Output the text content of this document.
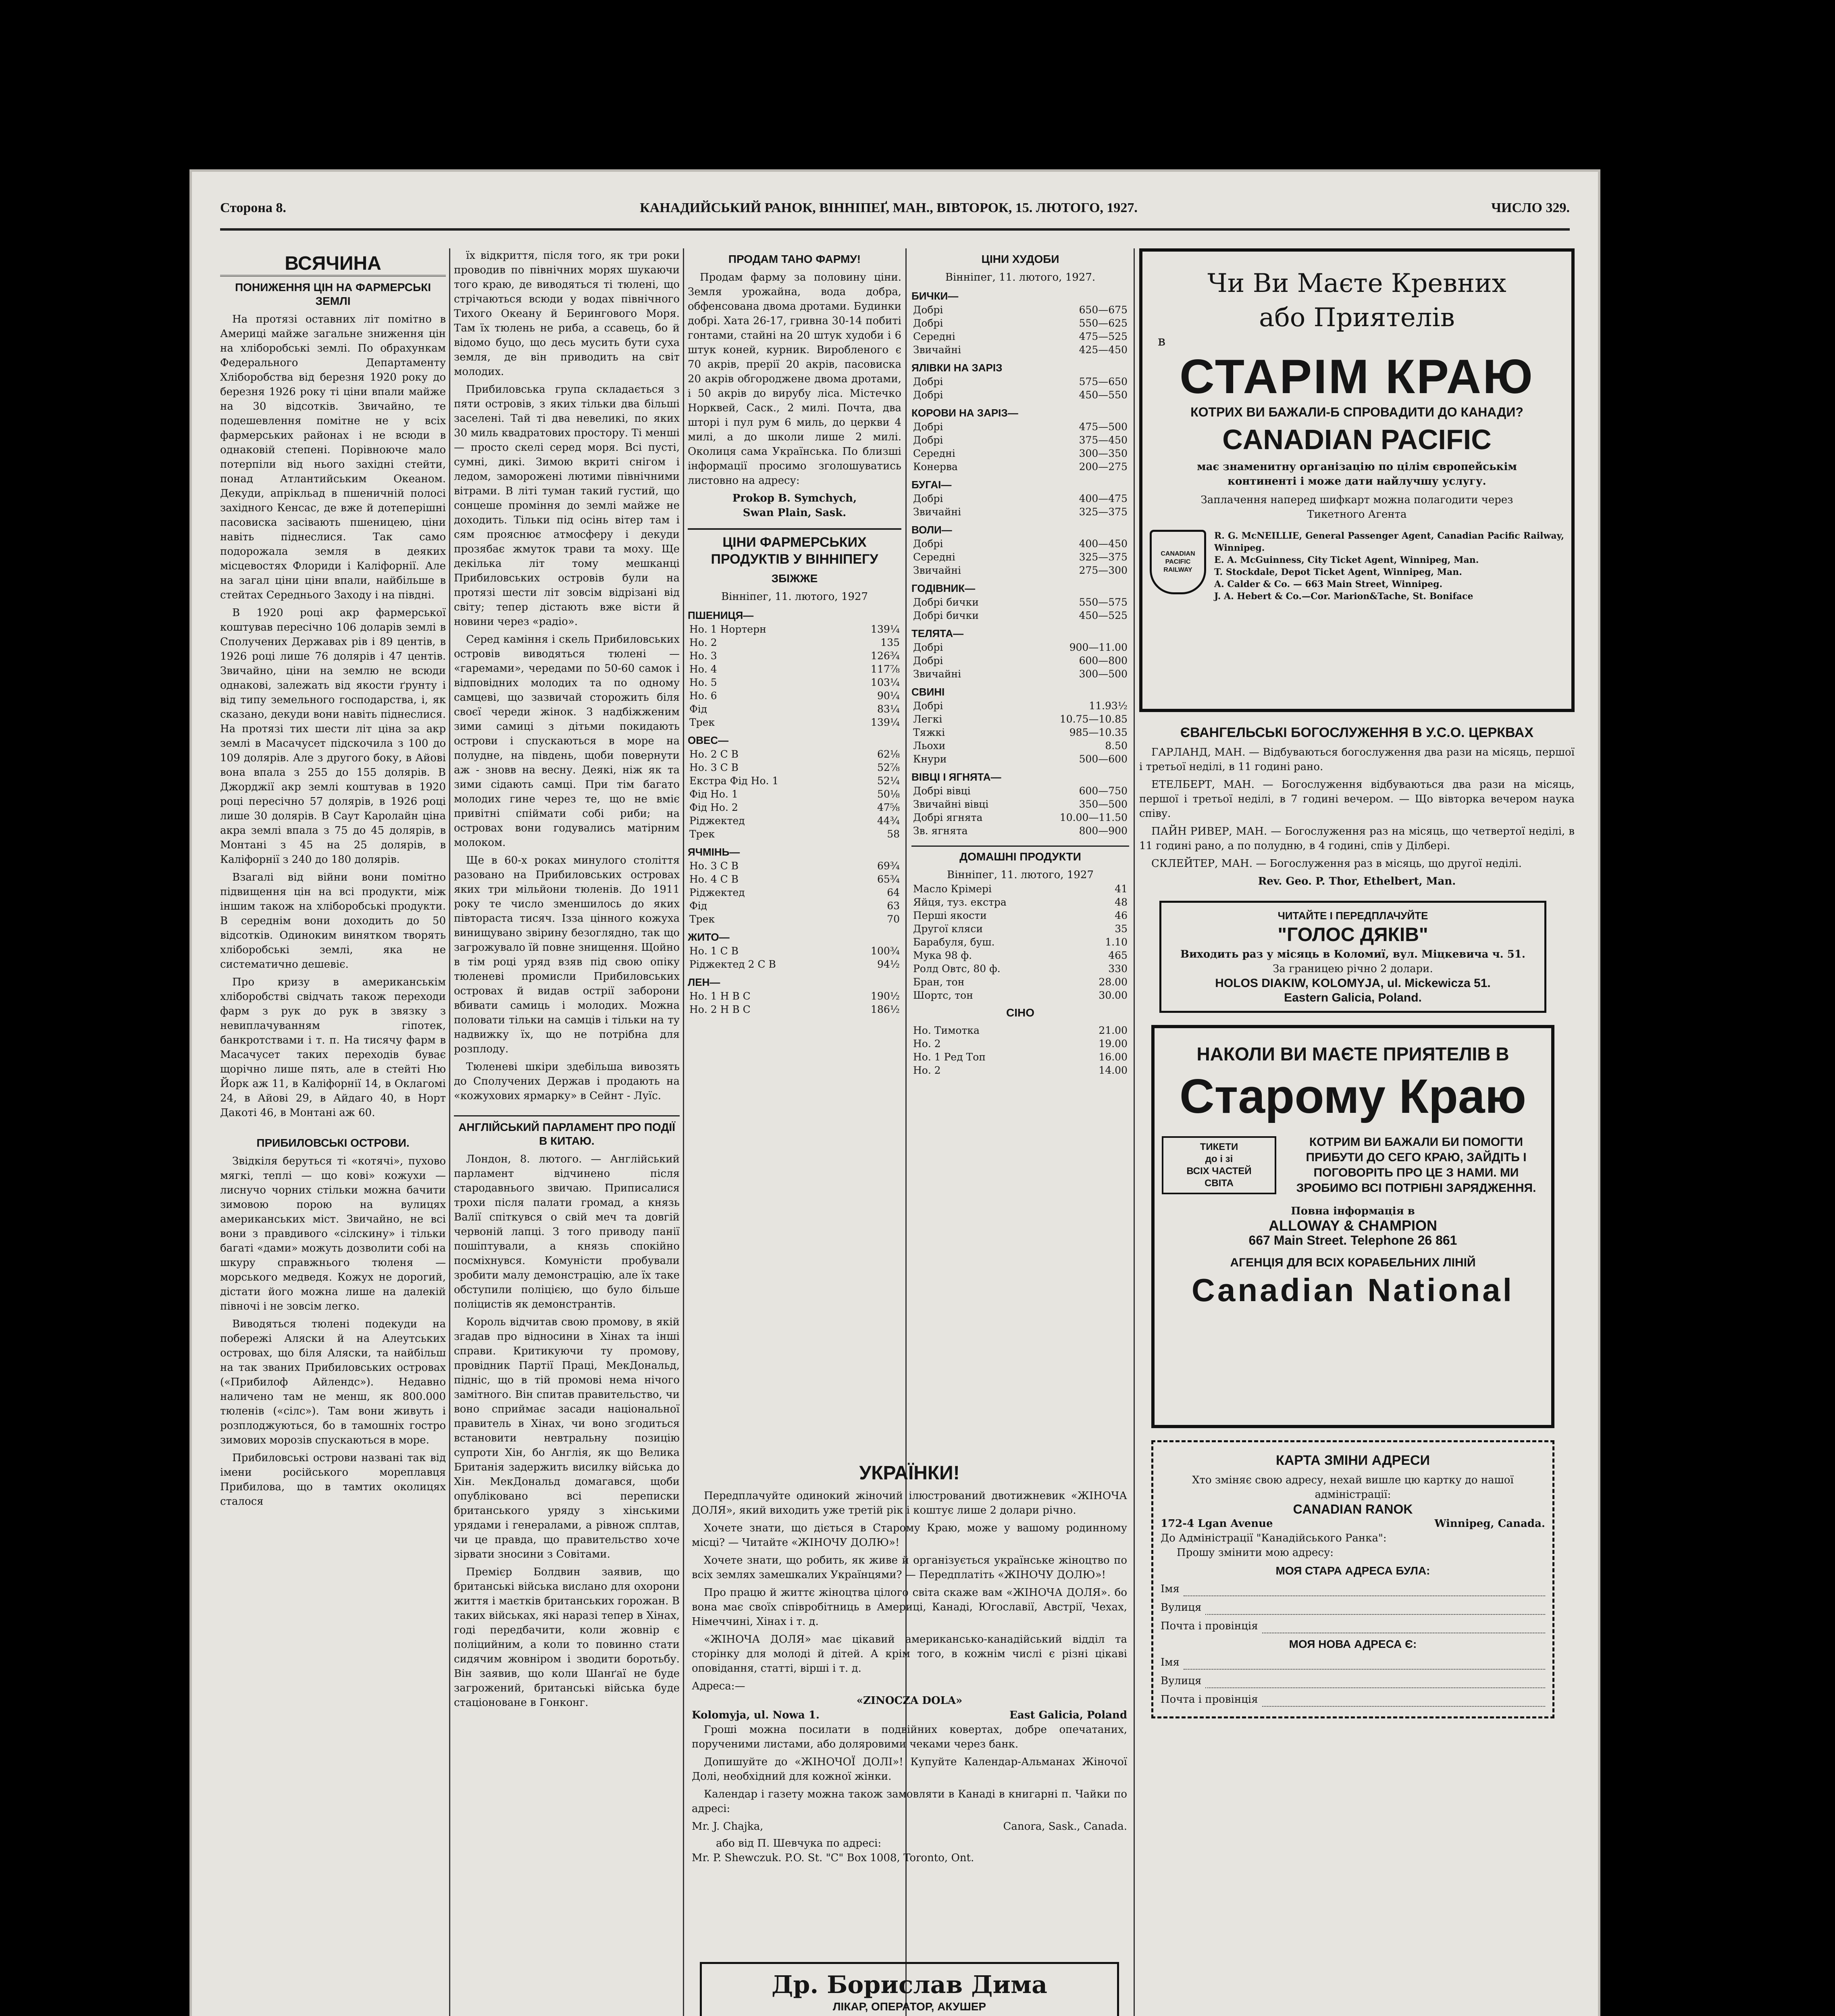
Сторона 8.	КАНАДИЙСЬКИЙ РАНОК, ВІННІПЕҐ, МАН., ВІВТОРОК, 15. ЛЮТОГО, 1927.	ЧИСЛО 329.
ВСЯЧИНА
ПОНИЖЕННЯ ЦІН НА ФАРМЕРСЬКІ ЗЕМЛІ

На протязі оставних літ помітно в Америці майже загальне зниження цін на хліборобські землі. По обрахункам Федерального Департаменту Хліборобства від березня 1920 року до березня 1926 року ті ціни впали майже на 30 відсотків. Звичайно, те подешевлення помітне не у всіх фармерських районах і не всюди в однаковій степені. Порівноюче мало потерпіли від нього західні стейти, понад Атлантийським Океаном. Декуди, апрікльад в пшеничній полосі західного Кенсас, де вже й дотеперішні пасовиска засівають пшеницею, ціни навіть піднеслися. Так само подорожала земля в деяких місцевостях Флориди і Каліфорнії. Але на загал ціни ціни впали, найбільше в стейтах Середнього Заходу і на півдні.

В 1920 році акр фармерської коштував пересічно 106 доларів землі в Сполучених Державах рів і 89 центів, в 1926 році лише 76 долярів і 47 центів. Звичайно, ціни на землю не всюди однакові, залежать від якости ґрунту і від типу земельного господарства, і, як сказано, декуди вони навіть піднеслися. На протязі тих шести літ ціна за акр землі в Масачусет підскочила з 100 до 109 долярів. Але з другого боку, в Айові вона впала з 255 до 155 долярів. В Джорджії акр землі коштував в 1920 році пересічно 57 долярів, в 1926 році лише 30 долярів. В Саут Каролайн ціна акра землі впала з 75 до 45 долярів, в Монтані з 45 на 25 долярів, в Каліфорнії з 240 до 180 долярів.

Взагалі від війни вони помітно підвищення цін на всі продукти, між іншим також на хліборобські продукти. В середнім вони доходить до 50 відсотків. Одиноким винятком творять хліборобські землі, яка не систематично дешевіє.

Про кризу в американськім хліборобстві свідчать також переходи фарм з рук до рук в звязку з невиплачуванням гіпотек, банкротствами і т. п. На тисячу фарм в Масачусет таких переходів буває щорічно лише пять, але в стейті Ню Йорк аж 11, в Каліфорнії 14, в Оклагомі 24, в Айові 29, в Айдаго 40, в Норт Дакоті 46, в Монтані аж 60.

ПРИБИЛОВСЬКІ ОСТРОВИ.

Звідкіля беруться ті «котячі», пухово мягкі, теплі — що кові» кожухи — лиснучо чорних стільки можна бачити зимовою порою на вулицях американських міст. Звичайно, не всі вони з правдивого «сілскину» і тільки багаті «дами» можуть дозволити собі на шкуру справжнього тюленя — морського медведя. Кожух не дорогий, дістати його можна лише на далекій півночі і не зовсім легко.

Виводяться тюлені подекуди на побережі Аляски й на Алеутських островах, що біля Аляски, та найбільш на так званих Прибиловських островах («Прибилоф Айлендс»). Недавно наличено там не менш, як 800.000 тюленів («сілс»). Там вони живуть і розплоджуються, бо в тамошніх гостро зимових морозів спускаються в море.

Прибиловські острови названі так від імени російського мореплавця Прибилова, що в тамтих околицях сталося

їх відкриття, після того, як три роки проводив по північних морях шукаючи того краю, де виводяться ті тюлені, що стрічаються всюди у водах північного Тихого Океану й Берингового Моря. Там їх тюлень не риба, а ссавець, бо й відомо буцо, що десь мусить бути суха земля, де він приводить на світ молодих.

Прибиловська група складається з пяти островів, з яких тільки два більші заселені. Тай ті два невеликі, по яких 30 миль квадратових простору. Ті менші — просто скелі серед моря. Всі пусті, сумні, дикі. Зимою вкриті снігом і ледом, заморожені лютими північними вітрами. В літі туман такий густий, що сонцеше проміння до землі майже не доходить. Тільки під осінь вітер там і сям прояснює атмосферу і декуди прозябає жмуток трави та моху. Ще декілька літ тому мешканці Прибиловських островів були на протязі шести літ зовсім відрізані від світу; тепер дістають вже вісти й новини через «радіо».

Серед каміння і скель Прибиловських островів виводяться тюлені — «гаремами», чередами по 50-60 самок і відповідних молодих та по одному самцеві, що зазвичай сторожить біля своєї череди жінок. З надбіжженим зими самиці з дітьми покидають острови і спускаються в море на полудне, на південь, щоби повернути аж - зновв на весну. Деякі, ніж як та зими сідають самці. При тім багато молодих гине через те, що не вміє привітні спіймати собі риби; на островах вони годувались матірним молоком.

Ще в 60-х роках минулого століття разовано на Прибиловських островах яких три мільйони тюленів. До 1911 року те число зменшилось до яких півторастa тисяч. Ізза цінного кожуха винищувано звірину безоглядно, так що загрожувало їй повне знищення. Щойно в тім році уряд взяв під свою опіку тюленеві промисли Прибиловських островах й видав острії заборони вбивати самиць і молодих. Можна половати тільки на самців і тільки на ту надвижку їх, що не потрібна для розплоду.

Тюленеві шкіри здебільша вивозять до Сполучених Держав і продають на «кожухових ярмарку» в Сейнт - Луїс.

АНГЛІЙСЬКИЙ ПАРЛАМЕНТ ПРО ПОДІЇ В КИТАЮ.

Лондон, 8. лютого. — Англійський парламент відчинено після стародавнього звичаю. Приписалися трохи після палати громад, а князь Валії спіткувся о свій меч та довгій червоній лапці. З того приводу панії пошіптували, а князь спокійно посміхнувся. Комуністи пробували зробити малу демонстрацію, але їх таке обступили поліцією, що було більше поліцистів як демонстрантів.

Король відчитав свою промову, в якій згадав про відносини в Хінах та інші справи. Критикуючи ту промову, провідник Партії Праці, МекДональд, підніс, що в тій промові нема нічого замітного. Він спитав правительство, чи воно сприймає засади національної правитель в Хінах, чи воно згодиться встановити невтральну позицію супроти Хін, бо Англія, як що Велика Британія задержить висилку війська до Хін. МекДональд домагався, щоби опубліковано всі переписки британського уряду з хінськими урядами і генералами, а рівнож сплтав, чи це правда, що правительство хоче зірвати зносини з Совітами.

Премієр Болдвин заявив, що британські війська вислано для охорони життя і маєтків британських горожан. В таких військах, які наразі тепер в Хінах, годі передбачити, коли жовнір є поліцийним, а коли то повинно стати сидячим жовніром і зводити боротьбу. Він заявив, що коли Шанґаї не буде загрожений, британські війська буде стаціоноване в Гонконг.

ПРОДАМ ТАНО ФАРМУ!

Продам фарму за половину ціни. Земля урожайна, вода добра, обфенсована двома дротами. Будинки добрі. Хата 26-17, гривна 30-14 побиті гонтами, стайні на 20 штук худоби і 6 штук коней, курник. Виробленого є 70 акрів, прерії 20 акрів, пасовиска 20 акрів обгороджене двома дротами, і 50 акрів до вирубу ліса. Містечко Норквей, Саск., 2 милі. Почта, два шторі і пул рум 6 миль, до церкви 4 милі, а до школи лише 2 милі. Околиця сама Українська. По близші інформації просимо зголошуватись листовно на адресу:

Prokop B. Symchych,
Swan Plain, Sask.
ЦІНИ ФАРМЕРСЬКИХ ПРОДУКТІВ У ВІННІПЕГУ
ЗБІЖЖЕ
Вінніпег, 11. лютого, 1927
ПШЕНИЦЯ—
Но. 1 Нортерн	139¼
Но. 2	135
Но. 3	126¾
Но. 4	117⅞
Но. 5	103¼
Но. 6	90¼
Фід	83¼
Трек	139¼
ОВЕС—
Но. 2 С В	62⅛
Но. 3 С В	52⅞
Екстра Фід Но. 1	52¼
Фід Но. 1	50⅛
Фід Но. 2	47⅝
Ріджектед	44¾
Трек	58
ЯЧМІНЬ—
Но. 3 С В	69¾
Но. 4 С В	65¾
Ріджектед	64
Фід	63
Трек	70
ЖИТО—
Но. 1 С В	100¾
Ріджектед 2 С В	94½
ЛЕН—
Но. 1 Н В С	190½
Но. 2 Н В С	186½
ЦІНИ ХУДОБИ
Вінніпег, 11. лютого, 1927.
БИЧКИ—
Добрі	650—675
Добрі	550—625
Середні	475—525
Звичайні	425—450
ЯЛІВКИ НА ЗАРІЗ
Добрі	575—650
Добрі	450—550
КОРОВИ НА ЗАРІЗ—
Добрі	475—500
Добрі	375—450
Середні	300—350
Конерва	200—275
БУГАІ—
Добрі	400—475
Звичайні	325—375
ВОЛИ—
Добрі	400—450
Середні	325—375
Звичайні	275—300
ГОДІВНИК—
Добрі бички	550—575
Добрі бички	450—525
ТЕЛЯТА—
Добрі	900—11.00
Добрі	600—800
Звичайні	300—500
СВИНІ
Добрі	11.93½
Легкі	10.75—10.85
Тяжкі	985—10.35
Льохи	8.50
Кнури	500—600
ВІВЦІ І ЯГНЯТА—
Добрі вівці	600—750
Звичайні вівці	350—500
Добрі ягнята	10.00—11.50
Зв. ягнята	800—900
ДОМАШНІ ПРОДУКТИ
Вінніпег, 11. лютого, 1927
Масло Крімері	41
Яйця, туз. екстра	48
Перші якости	46
Другої кляси	35
Барабуля, буш.	1.10
Мука 98 ф.	465
Ролд Овтс, 80 ф.	330
Бран, тон	28.00
Шортс, тон	30.00
СІНО
Но. Тимотка	21.00
Но. 2	19.00
Но. 1 Ред Топ	16.00
Но. 2	14.00
УКРАЇНКИ!

Передплачуйте одинокий жіночий ілюстрований двотижневик «ЖІНОЧА ДОЛЯ», який виходить уже третій рік і коштує лише 2 долари річно.

Хочете знати, що діється в Старому Краю, може у вашому родинному місці? — Читайте «ЖІНОЧУ ДОЛЮ»!

Хочете знати, що робить, як живе й організується українське жіноцтво по всіх землях замешкалих Українцями? — Передплатіть «ЖІНОЧУ ДОЛЮ»!

Про працю й життє жіноцтва цілого світа скаже вам «ЖІНОЧА ДОЛЯ». бо вона має своїх співробітниць в Америці, Канаді, Югославії, Австрії, Чехах, Німеччині, Хінах і т. д.

«ЖІНОЧА ДОЛЯ» має цікавий американсько-канадійський відділ та сторінку для молоді й дітей. А крім того, в кожнім числі є різні цікаві оповідання, статті, вірші і т. д.

Адреса:—
«ZINOCZA DOLA»
Kolomyja, ul. Nowa 1.	East Galicia, Poland

Гроші можна посилати в подвійних ковертах, добре опечатаних, порученими листами, або доляровими чеками через банк.

Допишуйте до «ЖІНОЧОЇ ДОЛІ»! Купуйте Календар-Альманах Жіночої Долі, необхідний для кожної жінки.

Календар і газету можна також замовляти в Канаді в книгарні п. Чайки по адресі:

Mr. J. Chajka,	Canora, Sask., Canada.
або від П. Шевчука по адресі:
Mr. P. Shewczuk. P.O. St. "C" Box 1008, Toronto, Ont.
Др. Борислав Дима
ЛІКАР, ОПЕРАТОР, АКУШЕР
Чи Ви Маєте Кревних
або Приятелів
в
СТАРІМ КРАЮ
КОТРИХ ВИ БАЖАЛИ-Б СПРОВАДИТИ ДО КАНАДИ?
CANADIAN PACIFIC
має знаменитну організацію по цілім європейськім континенті і може дати найлучшу услугу.
Заплачення наперед шифкарт можна полагодити через Тикетного Агента
CANADIAN PACIFIC RAILWAY
R. G. McNEILLIE, General Passenger Agent, Canadian Pacific Railway, Winnipeg.
E. A. McGuinness, City Ticket Agent, Winnipeg, Man.
T. Stockdale, Depot Ticket Agent, Winnipeg, Man.
A. Calder & Co. — 663 Main Street, Winnipeg.
J. A. Hebert & Co.—Cor. Marion&Tache, St. Boniface
ЄВАНГЕЛЬСЬКІ БОГОСЛУЖЕННЯ В У.С.О. ЦЕРКВАХ

ГАРЛАНД, МАН. — Відбуваються богослуження два рази на місяць, першої і третьої неділі, в 11 годині рано.

ЕТЕЛБЕРТ, МАН. — Богослуження відбуваються два рази на місяць, першої і третьої неділі, в 7 годині вечером. — Що вівторка вечером наука співу.

ПАЙН РИВЕР, МАН. — Богослуження раз на місяць, що четвертої неділі, в 11 годині рано, а по полудню, в 4 годині, спів у Ділбері.

СКЛЕЙТЕР, МАН. — Богослуження раз в місяць, що другої неділі.

Rev. Geo. P. Thor, Ethelbert, Man.
ЧИТАЙТЕ І ПЕРЕДПЛАЧУЙТЕ
"ГОЛОС ДЯКІВ"
Виходить раз у місяць в Коломиї, вул. Міцкевича ч. 51.
За границею річно 2 долари.
HOLOS DIAKIW, KOLOMYJA, ul. Mickewicza 51.
Eastern Galicia, Poland.
НАКОЛИ ВИ МАЄТЕ ПРИЯТЕЛІВ В
Старому Краю
ТИКЕТИ
до і зі
ВСІХ ЧАСТЕЙ
СВІТА
КОТРИМ ВИ БАЖАЛИ БИ ПОМОГТИ ПРИБУТИ ДО СЕГО КРАЮ, ЗАЙДІТЬ І ПОГОВОРІТЬ ПРО ЦЕ З НАМИ. МИ ЗРОБИМО ВСІ ПОТРІБНІ ЗАРЯДЖЕННЯ.
Повна інформація в
ALLOWAY & CHAMPION
667 Main Street. Telephone 26 861
АГЕНЦІЯ ДЛЯ ВСІХ КОРАБЕЛЬНИХ ЛІНІЙ
Canadian National
КАРТА ЗМІНИ АДРЕСИ
Хто зміняє свою адресу, нехай вишле цю картку до нашої адміністрації:
CANADIAN RANOK
172-4 Lgan Avenue	Winnipeg, Canada.
До Адміністрації "Канадійського Ранка":
Прошу змінити мою адресу:
МОЯ СТАРА АДРЕСА БУЛА:
Імя
Вулиця
Почта і провінція
МОЯ НОВА АДРЕСА Є:
Імя
Вулиця
Почта і провінція
